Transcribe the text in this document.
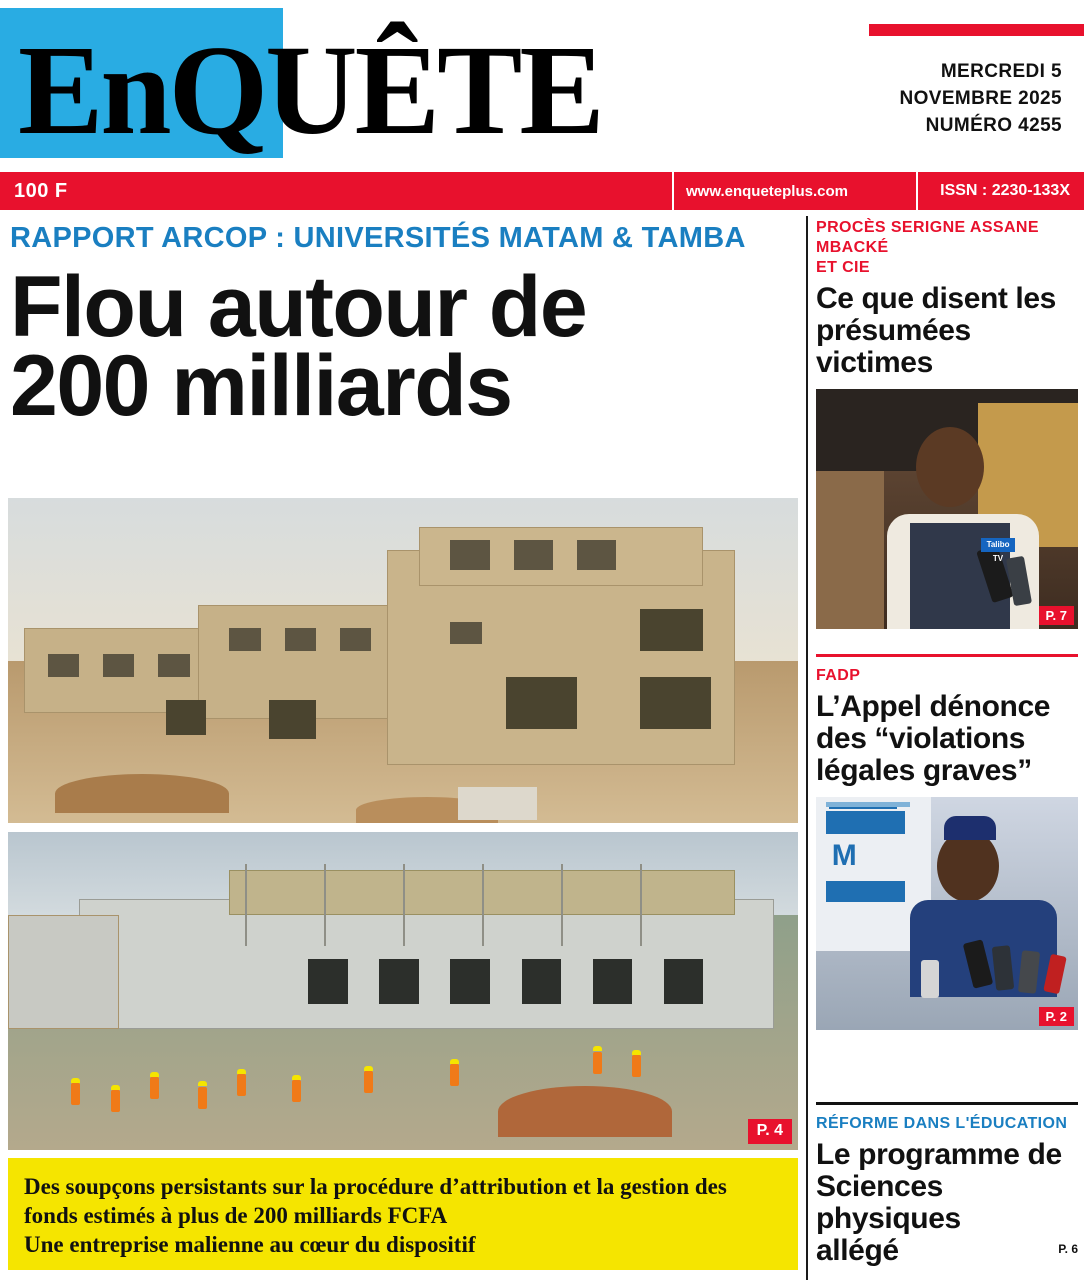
EnQUÊTE	MERCREDI 5
NOVEMBRE 2025
NUMÉRO 4255
100 F	www.enqueteplus.com	ISSN : 2230-133X
RAPPORT ARCOP : UNIVERSITÉS MATAM & TAMBA
Flou autour de
200 milliards
P. 4

Des soupçons persistants sur la procédure d’attribution et la gestion des

fonds estimés à plus de 200 milliards FCFA

Une entreprise malienne au cœur du dispositif

PROCÈS SERIGNE ASSANE MBACKÉ
ET CIE
Ce que disent les
présumées victimes
Talibo TV
P. 7
FADP
L’Appel dénonce
des “violations
légales graves”
M
P. 2
RÉFORME DANS L'ÉDUCATION
Le programme de
Sciences physiques
allégé	P. 6
